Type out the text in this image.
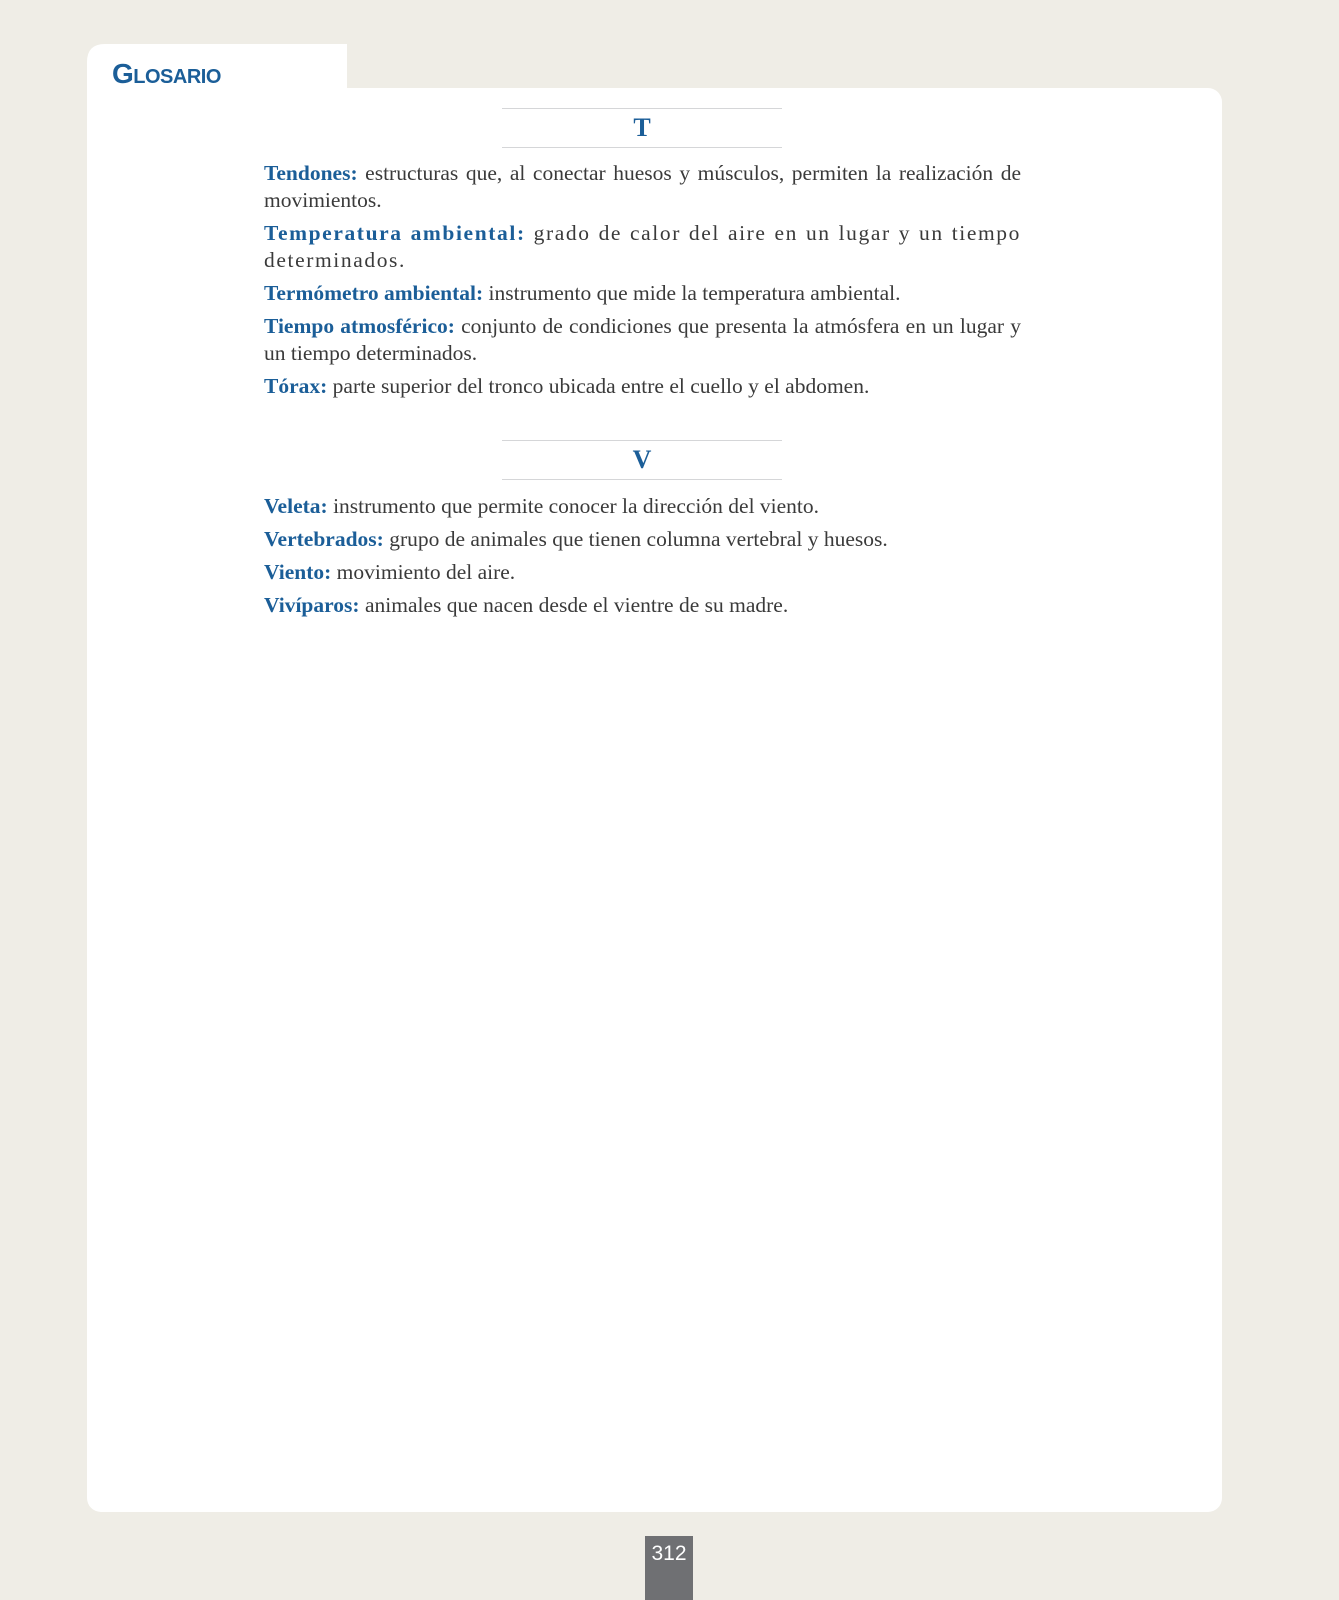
Glosario
T

Tendones: estructuras que, al conectar huesos y músculos, permiten la realización de movimientos.

Temperatura ambiental: grado de calor del aire en un lugar y un tiempo determinados.

Termómetro ambiental: instrumento que mide la temperatura ambiental.

Tiempo atmosférico: conjunto de condiciones que presenta la atmósfera en un lugar y un tiempo determinados.

Tórax: parte superior del tronco ubicada entre el cuello y el abdomen.

V

Veleta: instrumento que permite conocer la dirección del viento.

Vertebrados: grupo de animales que tienen columna vertebral y huesos.

Viento: movimiento del aire.

Vivíparos: animales que nacen desde el vientre de su madre.

312
